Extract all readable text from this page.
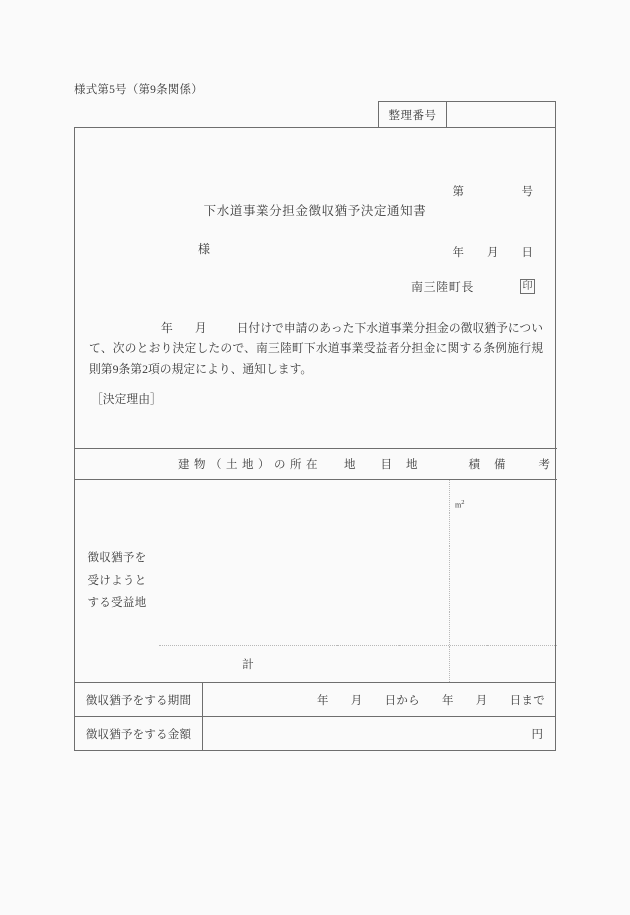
様式第5号（第9条関係）
整理番号

第　　　　　号

年　　月　　日

下水道事業分担金徴収猶予決定通知書
様
南三陸町長	印
年 月	日付けで申請のあった下水道事業分担金の徴収猶予について、次のとおり決定したので、南三陸町下水道事業受益者分担金に関する条例施行規則第9条第2項の規定により、通知します。
［決定理由］
	建物（土地）の所在	地 目	地 積	備 考

徴収猶予を
受けようと
する受益地			$m^2$

	計			
徴収猶予をする期間	年 月 日から 年 月 日まで
徴収猶予をする金額	円
